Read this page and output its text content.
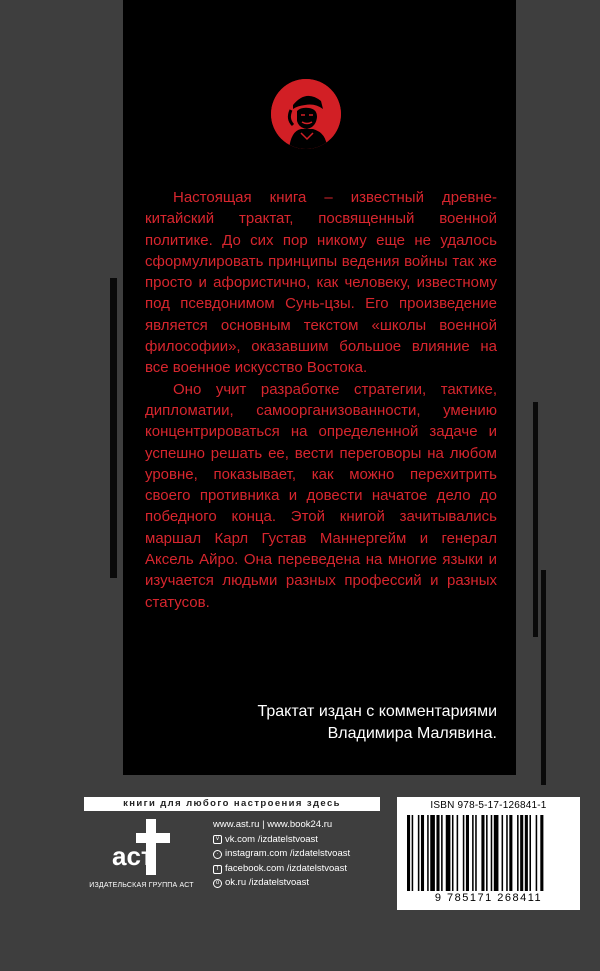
Настоящая книга – известный древне-китайский трактат, посвященный военной политике. До сих пор никому еще не удалось сформулировать принципы ведения войны так же просто и афористично, как человеку, известному под псевдонимом Сунь-цзы. Его произведение является основным текстом «школы военной философии», оказавшим большое влияние на все военное искусство Востока.

Оно учит разработке стратегии, тактике, дипломатии, самоорганизованности, умению концентрироваться на определенной задаче и успешно решать ее, вести переговоры на любом уровне, показывает, как можно перехитрить своего противника и довести начатое дело до победного конца. Этой книгой зачитывались маршал Карл Густав Маннергейм и генерал Аксель Айро. Она переведена на многие языки и изучается людьми разных профессий и разных статусов.

Трактат издан с комментариями
Владимира Малявина.
книги для любого настроения здесь
аст
ИЗДАТЕЛЬСКАЯ ГРУППА АСТ
www.ast.ru | www.book24.ru
v vk.com /izdatelstvoast
· instagram.com /izdatelstvoast
f facebook.com /izdatelstvoast
o ok.ru /izdatelstvoast
ISBN 978-5-17-126841-1
9 785171 268411
